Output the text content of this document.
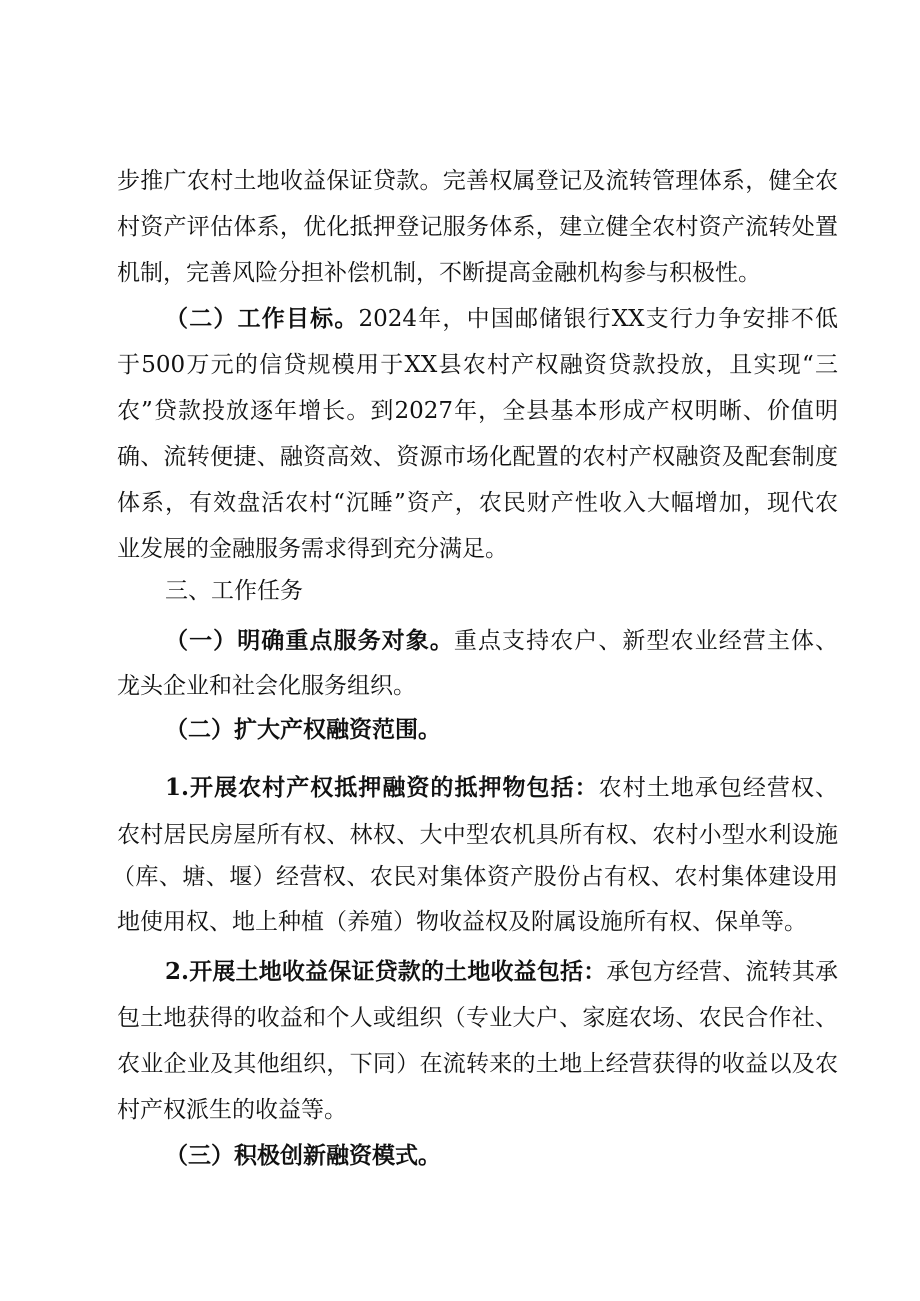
步推广农村土地收益保证贷款。完善权属登记及流转管理体系，健全农
村资产评估体系，优化抵押登记服务体系，建立健全农村资产流转处置
机制，完善风险分担补偿机制，不断提高金融机构参与积极性。
（二）工作目标。2024年，中国邮储银行XX支行力争安排不低
于500万元的信贷规模用于XX县农村产权融资贷款投放，且实现“三
农”贷款投放逐年增长。到2027年，全县基本形成产权明晰、价值明
确、流转便捷、融资高效、资源市场化配置的农村产权融资及配套制度
体系，有效盘活农村“沉睡”资产，农民财产性收入大幅增加，现代农
业发展的金融服务需求得到充分满足。
三、工作任务
（一）明确重点服务对象。重点支持农户、新型农业经营主体、
龙头企业和社会化服务组织。
（二）扩大产权融资范围。
1.开展农村产权抵押融资的抵押物包括：农村土地承包经营权、
农村居民房屋所有权、林权、大中型农机具所有权、农村小型水利设施
（库、塘、堰）经营权、农民对集体资产股份占有权、农村集体建设用
地使用权、地上种植（养殖）物收益权及附属设施所有权、保单等。
2.开展土地收益保证贷款的土地收益包括：承包方经营、流转其承
包土地获得的收益和个人或组织（专业大户、家庭农场、农民合作社、
农业企业及其他组织，下同）在流转来的土地上经营获得的收益以及农
村产权派生的收益等。
（三）积极创新融资模式。
